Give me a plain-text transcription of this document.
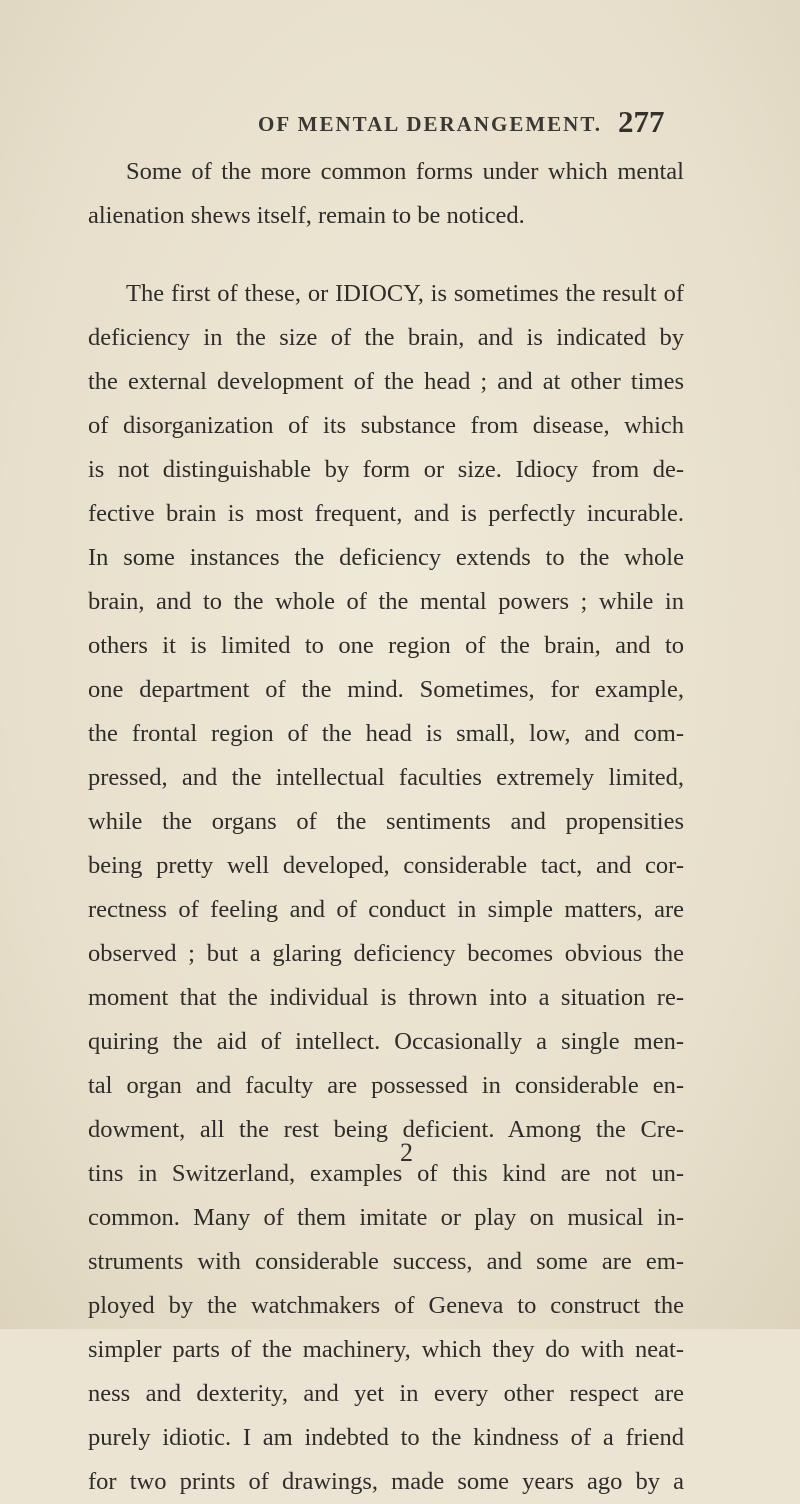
OF MENTAL DERANGEMENT. 277
Some of the more common forms under which mental
alienation shews itself, remain to be noticed.
The first of these, or IDIOCY, is sometimes the result of
deficiency in the size of the brain, and is indicated by
the external development of the head ; and at other times
of disorganization of its substance from disease, which
is not distinguishable by form or size. Idiocy from de-
fective brain is most frequent, and is perfectly incurable.
In some instances the deficiency extends to the whole
brain, and to the whole of the mental powers ; while in
others it is limited to one region of the brain, and to
one department of the mind. Sometimes, for example,
the frontal region of the head is small, low, and com-
pressed, and the intellectual faculties extremely limited,
while the organs of the sentiments and propensities
being pretty well developed, considerable tact, and cor-
rectness of feeling and of conduct in simple matters, are
observed ; but a glaring deficiency becomes obvious the
moment that the individual is thrown into a situation re-
quiring the aid of intellect. Occasionally a single men-
tal organ and faculty are possessed in considerable en-
dowment, all the rest being deficient. Among the Cre-
tins in Switzerland, examples of this kind are not un-
common. Many of them imitate or play on musical in-
struments with considerable success, and some are em-
ployed by the watchmakers of Geneva to construct the
simpler parts of the machinery, which they do with neat-
ness and dexterity, and yet in every other respect are
purely idiotic. I am indebted to the kindness of a friend
for two prints of drawings, made some years ago by a
2
